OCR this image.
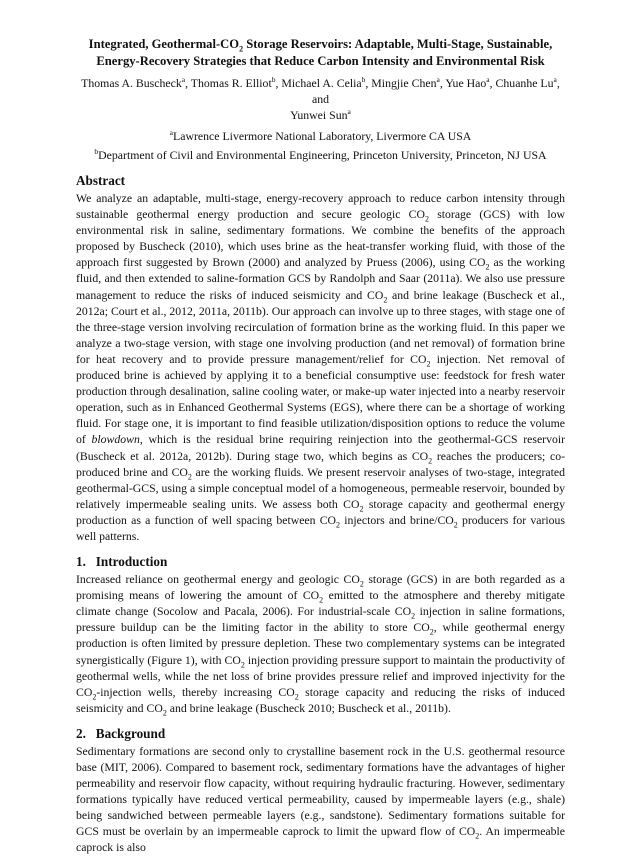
Integrated, Geothermal-$CO_2$ Storage Reservoirs: Adaptable, Multi-Stage, Sustainable,
Energy-Recovery Strategies that Reduce Carbon Intensity and Environmental Risk
Thomas A. Buscheck$^a$, Thomas R. Elliot$^b$, Michael A. Celia$^b$, Mingjie Chen$^a$, Yue Hao$^a$, Chuanhe Lu$^a$, and
Yunwei Sun$^a$
$^a$Lawrence Livermore National Laboratory, Livermore CA USA
$^b$Department of Civil and Environmental Engineering, Princeton University, Princeton, NJ USA
Abstract

We analyze an adaptable, multi-stage, energy-recovery approach to reduce carbon intensity through sustainable geothermal energy production and secure geologic $CO_2$ storage (GCS) with low environmental risk in saline, sedimentary formations. We combine the benefits of the approach proposed by Buscheck (2010), which uses brine as the heat-transfer working fluid, with those of the approach first suggested by Brown (2000) and analyzed by Pruess (2006), using $CO_2$ as the working fluid, and then extended to saline-formation GCS by Randolph and Saar (2011a). We also use pressure management to reduce the risks of induced seismicity and $CO_2$ and brine leakage (Buscheck et al., 2012a; Court et al., 2012, 2011a, 2011b). Our approach can involve up to three stages, with stage one of the three-stage version involving recirculation of formation brine as the working fluid. In this paper we analyze a two-stage version, with stage one involving production (and net removal) of formation brine for heat recovery and to provide pressure management/relief for $CO_2$ injection. Net removal of produced brine is achieved by applying it to a beneficial consumptive use: feedstock for fresh water production through desalination, saline cooling water, or make-up water injected into a nearby reservoir operation, such as in Enhanced Geothermal Systems (EGS), where there can be a shortage of working fluid. For stage one, it is important to find feasible utilization/disposition options to reduce the volume of blowdown, which is the residual brine requiring reinjection into the geothermal-GCS reservoir (Buscheck et al. 2012a, 2012b). During stage two, which begins as $CO_2$ reaches the producers; co-produced brine and $CO_2$ are the working fluids. We present reservoir analyses of two-stage, integrated geothermal-GCS, using a simple conceptual model of a homogeneous, permeable reservoir, bounded by relatively impermeable sealing units. We assess both $CO_2$ storage capacity and geothermal energy production as a function of well spacing between $CO_2$ injectors and brine/$CO_2$ producers for various well patterns.

1.   Introduction

Increased reliance on geothermal energy and geologic $CO_2$ storage (GCS) in are both regarded as a promising means of lowering the amount of $CO_2$ emitted to the atmosphere and thereby mitigate climate change (Socolow and Pacala, 2006). For industrial-scale $CO_2$ injection in saline formations, pressure buildup can be the limiting factor in the ability to store $CO_2$, while geothermal energy production is often limited by pressure depletion. These two complementary systems can be integrated synergistically (Figure 1), with $CO_2$ injection providing pressure support to maintain the productivity of geothermal wells, while the net loss of brine provides pressure relief and improved injectivity for the $CO_2$-injection wells, thereby increasing $CO_2$ storage capacity and reducing the risks of induced seismicity and $CO_2$ and brine leakage (Buscheck 2010; Buscheck et al., 2011b).

2.   Background

Sedimentary formations are second only to crystalline basement rock in the U.S. geothermal resource base (MIT, 2006). Compared to basement rock, sedimentary formations have the advantages of higher permeability and reservoir flow capacity, without requiring hydraulic fracturing. However, sedimentary formations typically have reduced vertical permeability, caused by impermeable layers (e.g., shale) being sandwiched between permeable layers (e.g., sandstone). Sedimentary formations suitable for GCS must be overlain by an impermeable caprock to limit the upward flow of $CO_2$. An impermeable caprock is also
